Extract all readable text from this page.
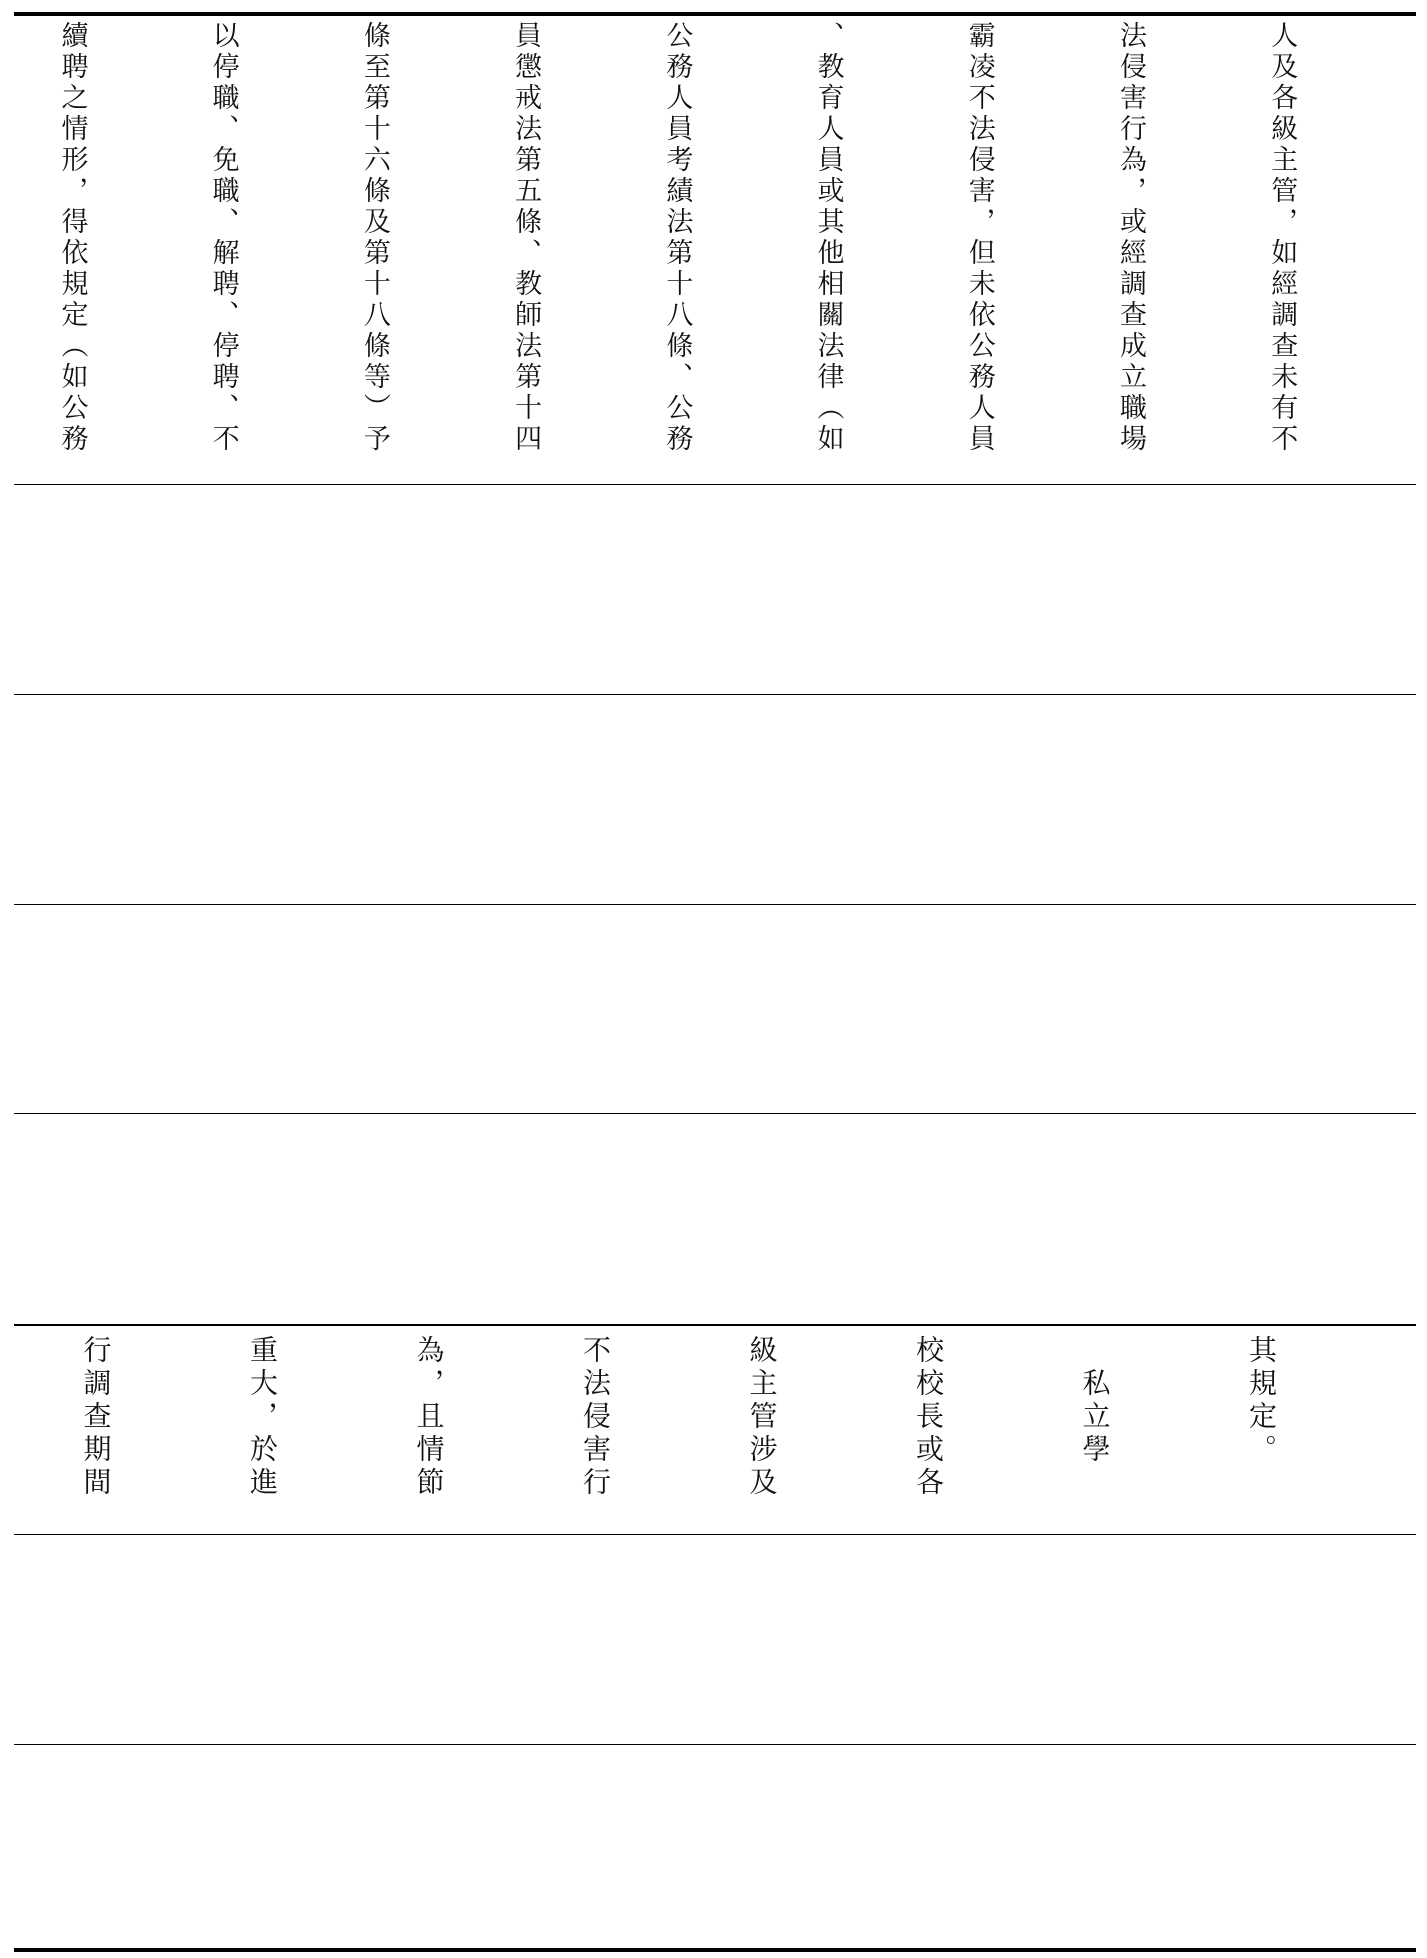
人及各級主管，如經調查未有不

法侵害行為，或經調查成立職場

霸凌不法侵害，但未依公務人員

、教育人員或其他相關法律（如

公務人員考績法第十八條、公務

員懲戒法第五條、教師法第十四

條至第十六條及第十八條等）予

以停職、免職、解聘、停聘、不

續聘之情形，得依規定（如公務

其規定。

　私立學

校校長或各

級主管涉及

不法侵害行

為，且情節

重大，於進

行調查期間
